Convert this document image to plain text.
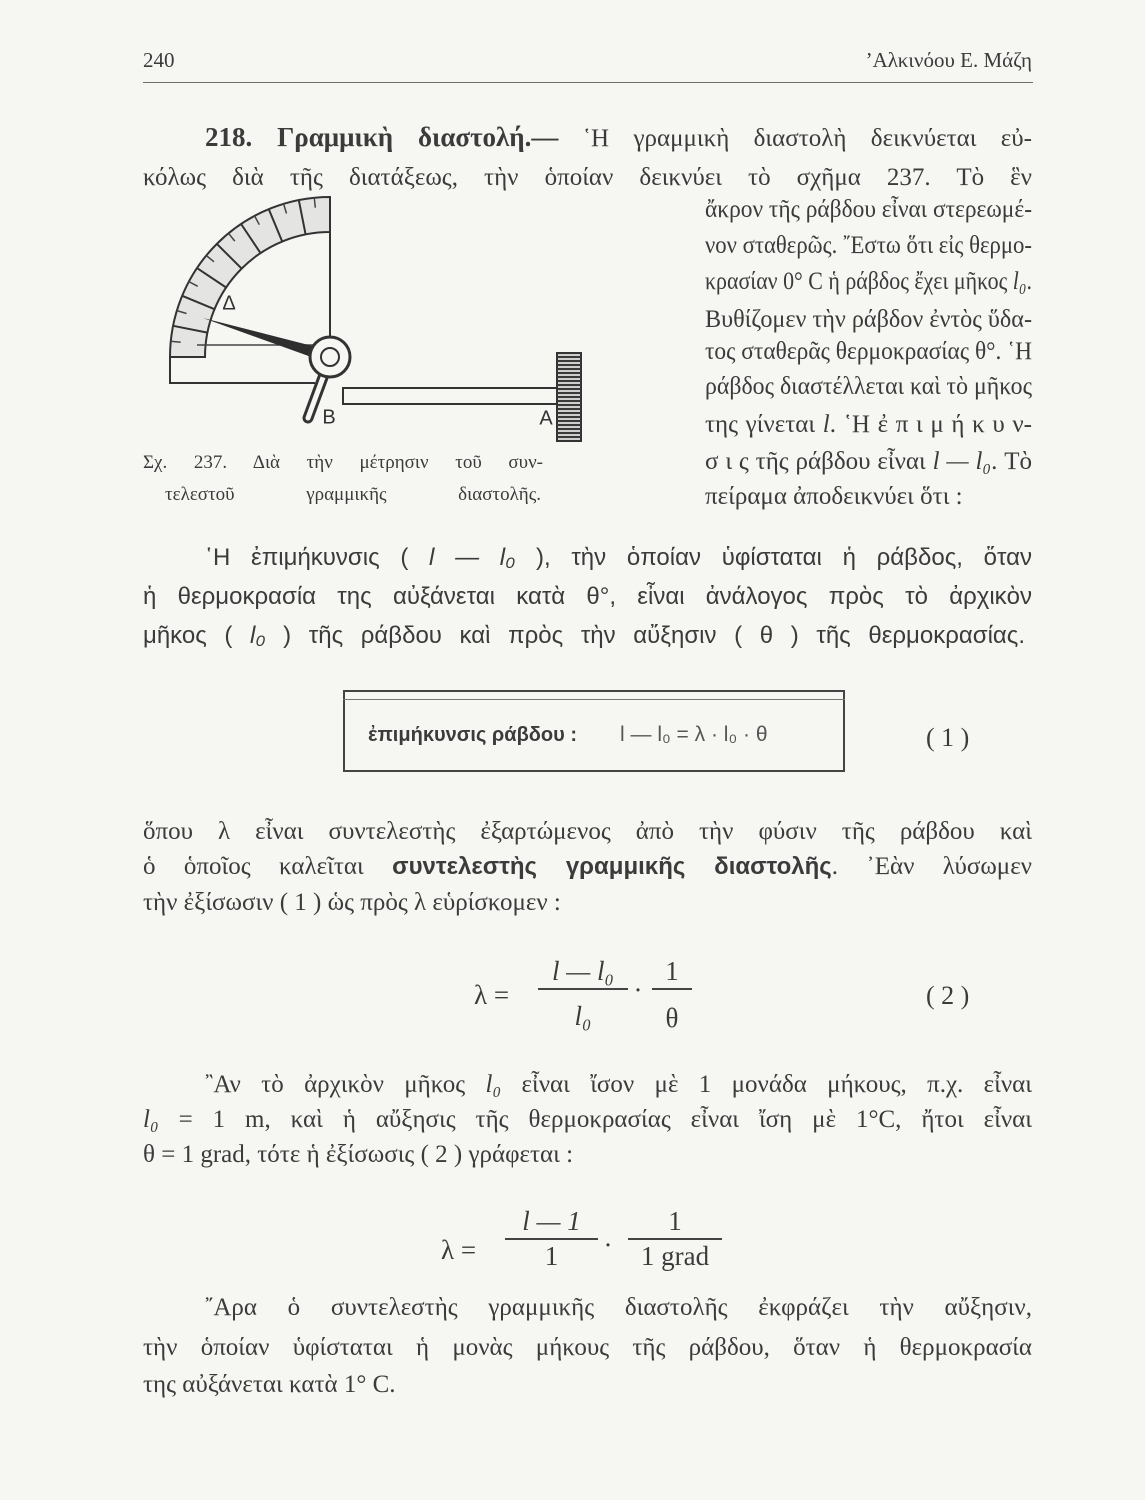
240	’Αλκινόου Ε. Μάζη
218. Γραμμικὴ διαστολή.— ῾Η γραμμικὴ διαστολὴ δεικνύεται εὐ-
κόλως διὰ τῆς διατάξεως, τὴν ὁποίαν δεικνύει τὸ σχῆμα 237. Τὸ ἓν
ἄκρον τῆς ράβδου εἶναι στερεωμέ-
νον σταθερῶς. ῎Εστω ὅτι εἰς θερμο-
κρασίαν 0° C ἡ ράβδος ἔχει μῆκος l₀.
Βυθίζομεν τὴν ράβδον ἐντὸς ὕδα-
τος σταθερᾶς θερμοκρασίας θ°. ῾Η
ράβδος διαστέλλεται καὶ τὸ μῆκος
της γίνεται l. ῾Η ἐ π ι μ ή κ υ ν-
σ ι ς τῆς ράβδου εἶναι l — l₀. Τὸ
πείραμα ἀποδεικνύει ὅτι :
Δ
B	A
Σχ. 237. Διὰ τὴν μέτρησιν τοῦ συν-
τελεστοῦ γραμμικῆς διαστολῆς.
῾Η ἐπιμήκυνσις ( l — l₀ ), τὴν ὁποίαν ὑφίσταται ἡ ράβδος, ὅταν
ἡ θερμοκρασία της αὐξάνεται κατὰ θ°, εἶναι ἀνάλογος πρὸς τὸ ἀρχικὸν
μῆκος ( l₀ ) τῆς ράβδου καὶ πρὸς τὴν αὔξησιν ( θ ) τῆς θερμοκρασίας.
ἐπιμήκυνσις ράβδου :	l — l₀ = λ · l₀ · θ	( 1 )
ὅπου λ εἶναι συντελεστὴς ἐξαρτώμενος ἀπὸ τὴν φύσιν τῆς ράβδου καὶ
ὁ ὁποῖος καλεῖται συντελεστὴς γραμμικῆς διαστολῆς. ᾿Εὰν λύσωμεν
τὴν ἐξίσωσιν ( 1 ) ὡς πρὸς λ εὑρίσκομεν :
λ =
l — l₀
l₀
·
1
θ
( 2 )
῍Αν τὸ ἀρχικὸν μῆκος l₀ εἶναι ἴσον μὲ 1 μονάδα μήκους, π.χ. εἶναι
l₀ = 1 m, καὶ ἡ αὔξησις τῆς θερμοκρασίας εἶναι ἴση μὲ 1°C, ἤτοι εἶναι
θ = 1 grad, τότε ἡ ἐξίσωσις ( 2 ) γράφεται :
λ =
l — 1
1	·
1
1 grad
῎Αρα ὁ συντελεστὴς γραμμικῆς διαστολῆς ἐκφράζει τὴν αὔξησιν,
τὴν ὁποίαν ὑφίσταται ἡ μονὰς μήκους τῆς ράβδου, ὅταν ἡ θερμοκρασία
της αὐξάνεται κατὰ 1° C.
